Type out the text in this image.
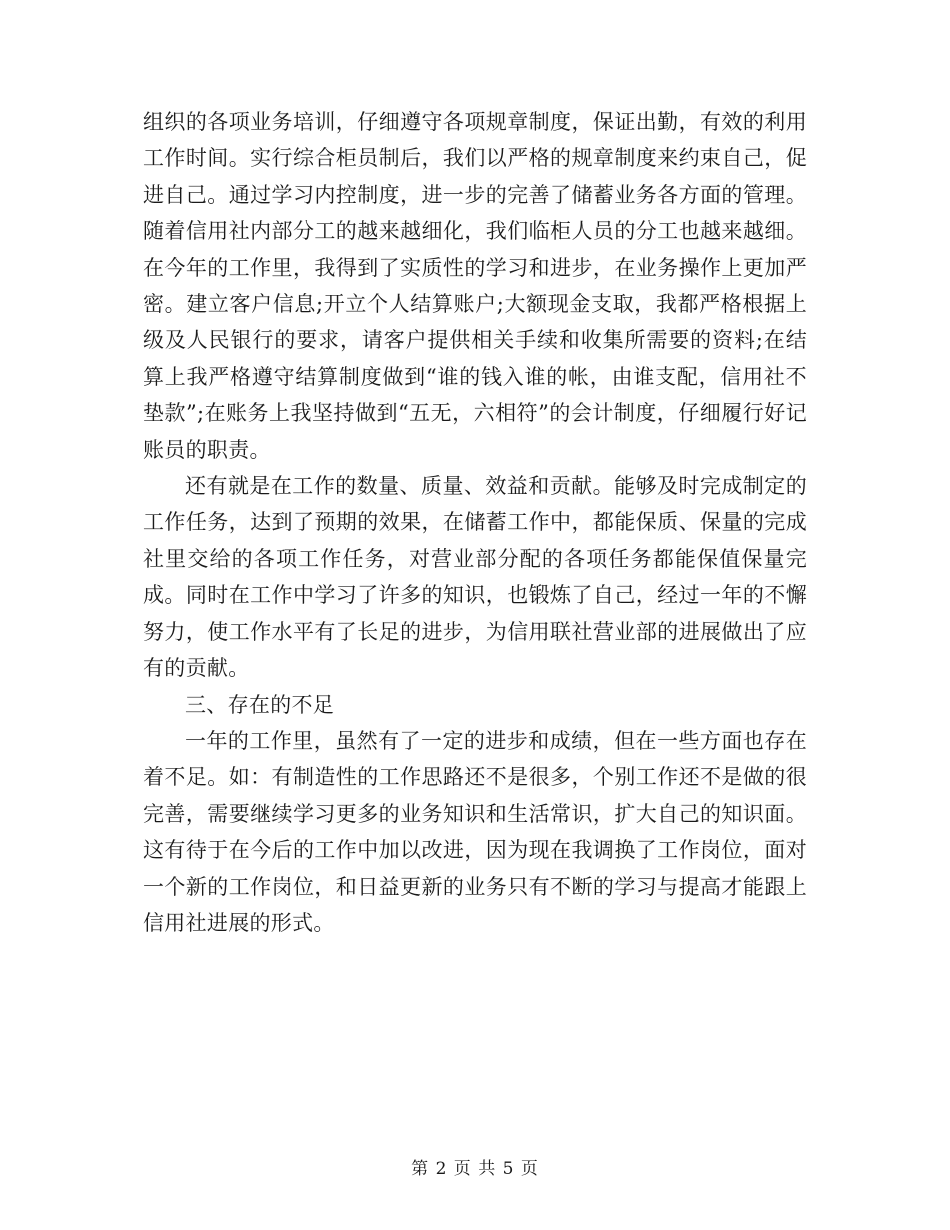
组织的各项业务培训，仔细遵守各项规章制度，保证出勤，有效的利用工作时间。实行综合柜员制后，我们以严格的规章制度来约束自己，促进自己。通过学习内控制度，进一步的完善了储蓄业务各方面的管理。随着信用社内部分工的越来越细化，我们临柜人员的分工也越来越细。在今年的工作里，我得到了实质性的学习和进步，在业务操作上更加严密。建立客户信息;开立个人结算账户;大额现金支取，我都严格根据上级及人民银行的要求，请客户提供相关手续和收集所需要的资料;在结算上我严格遵守结算制度做到“谁的钱入谁的帐，由谁支配，信用社不垫款”;在账务上我坚持做到“五无，六相符”的会计制度，仔细履行好记账员的职责。

还有就是在工作的数量、质量、效益和贡献。能够及时完成制定的工作任务，达到了预期的效果，在储蓄工作中，都能保质、保量的完成社里交给的各项工作任务，对营业部分配的各项任务都能保值保量完成。同时在工作中学习了许多的知识，也锻炼了自己，经过一年的不懈努力，使工作水平有了长足的进步，为信用联社营业部的进展做出了应有的贡献。

三、存在的不足

一年的工作里，虽然有了一定的进步和成绩，但在一些方面也存在着不足。如：有制造性的工作思路还不是很多，个别工作还不是做的很完善，需要继续学习更多的业务知识和生活常识，扩大自己的知识面。这有待于在今后的工作中加以改进，因为现在我调换了工作岗位，面对一个新的工作岗位，和日益更新的业务只有不断的学习与提高才能跟上信用社进展的形式。

第 2 页 共 5 页
